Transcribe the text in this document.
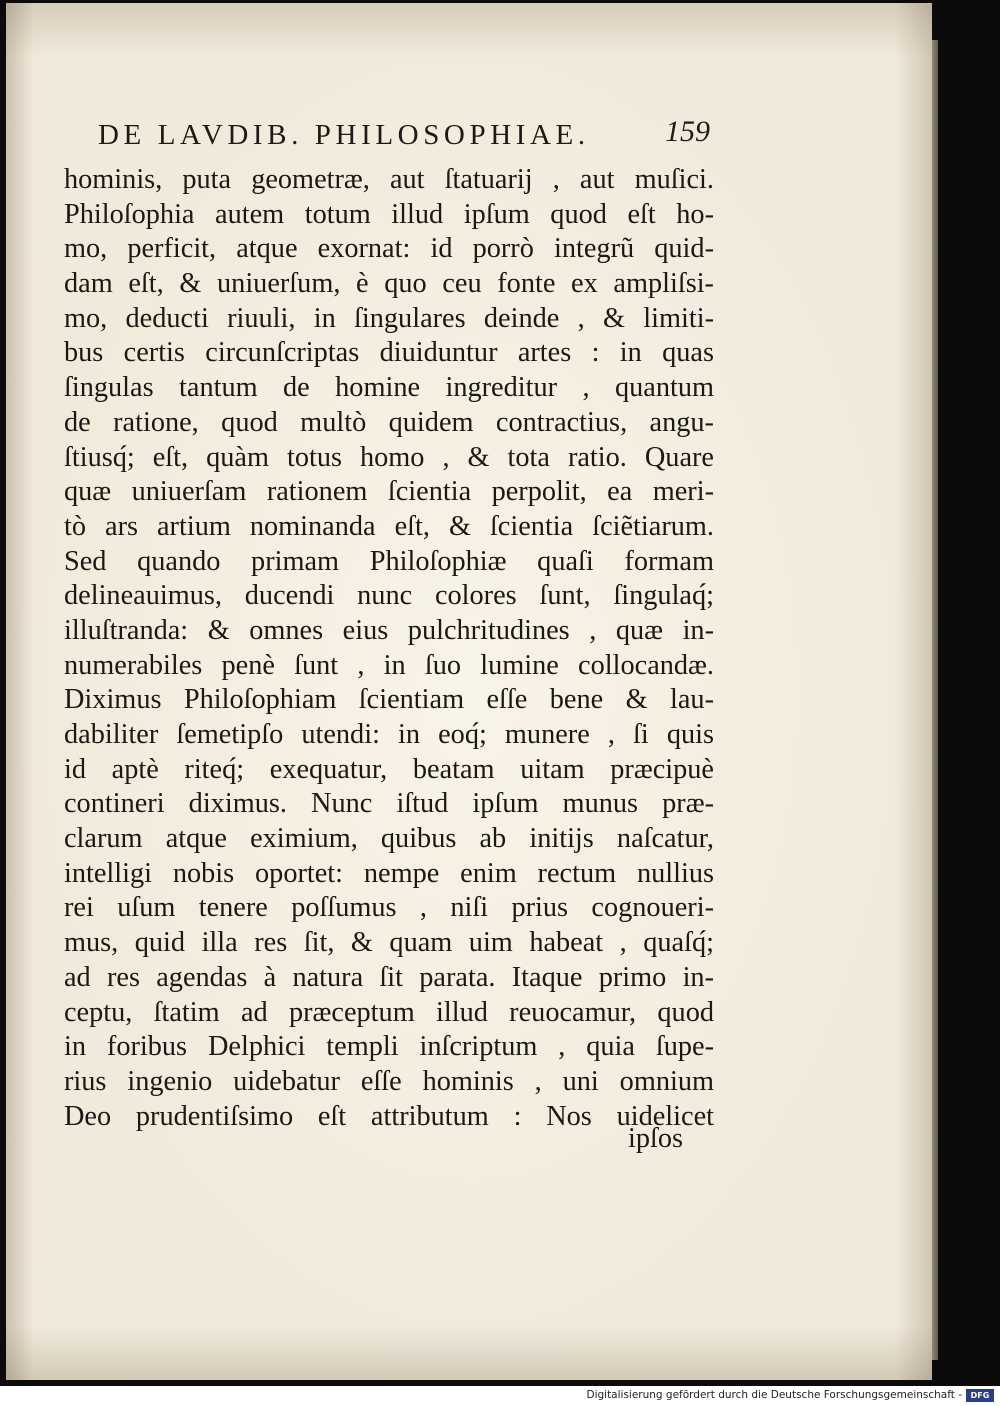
DE LAVDIB. PHILOSOPHIAE.	159
hominis, puta geometræ, aut ſtatuarij , aut muſici.
Philoſophia autem totum illud ipſum quod eſt ho-
mo, perficit, atque exornat: id porrò integrũ quid-
dam eſt, & uniuerſum, è quo ceu fonte ex ampliſsi-
mo, deducti riuuli, in ſingulares deinde , & limiti-
bus certis circunſcriptas diuiduntur artes : in quas
ſingulas tantum de homine ingreditur , quantum
de ratione, quod multò quidem contractius, angu-
ſtiusq́; eſt, quàm totus homo , & tota ratio. Quare
quæ uniuerſam rationem ſcientia perpolit, ea meri-
tò ars artium nominanda eſt, & ſcientia ſciẽtiarum.
Sed quando primam Philoſophiæ quaſi formam
delineauimus, ducendi nunc colores ſunt, ſingulaq́;
illuſtranda: & omnes eius pulchritudines , quæ in-
numerabiles penè ſunt , in ſuo lumine collocandæ.
Diximus Philoſophiam ſcientiam eſſe bene & lau-
dabiliter ſemetipſo utendi: in eoq́; munere , ſi quis
id aptè riteq́; exequatur, beatam uitam præcipuè
contineri diximus. Nunc iſtud ipſum munus præ-
clarum atque eximium, quibus ab initijs naſcatur,
intelligi nobis oportet: nempe enim rectum nullius
rei uſum tenere poſſumus , niſi prius cognoueri-
mus, quid illa res ſit, & quam uim habeat , quaſq́;
ad res agendas à natura ſit parata. Itaque primo in-
ceptu, ſtatim ad præceptum illud reuocamur, quod
in foribus Delphici templi inſcriptum , quia ſupe-
rius ingenio uidebatur eſſe hominis , uni omnium
Deo prudentiſsimo eſt attributum : Nos uidelicet
ipſos
Digitalisierung gefördert durch die Deutsche Forschungsgemeinschaft -	DFG
